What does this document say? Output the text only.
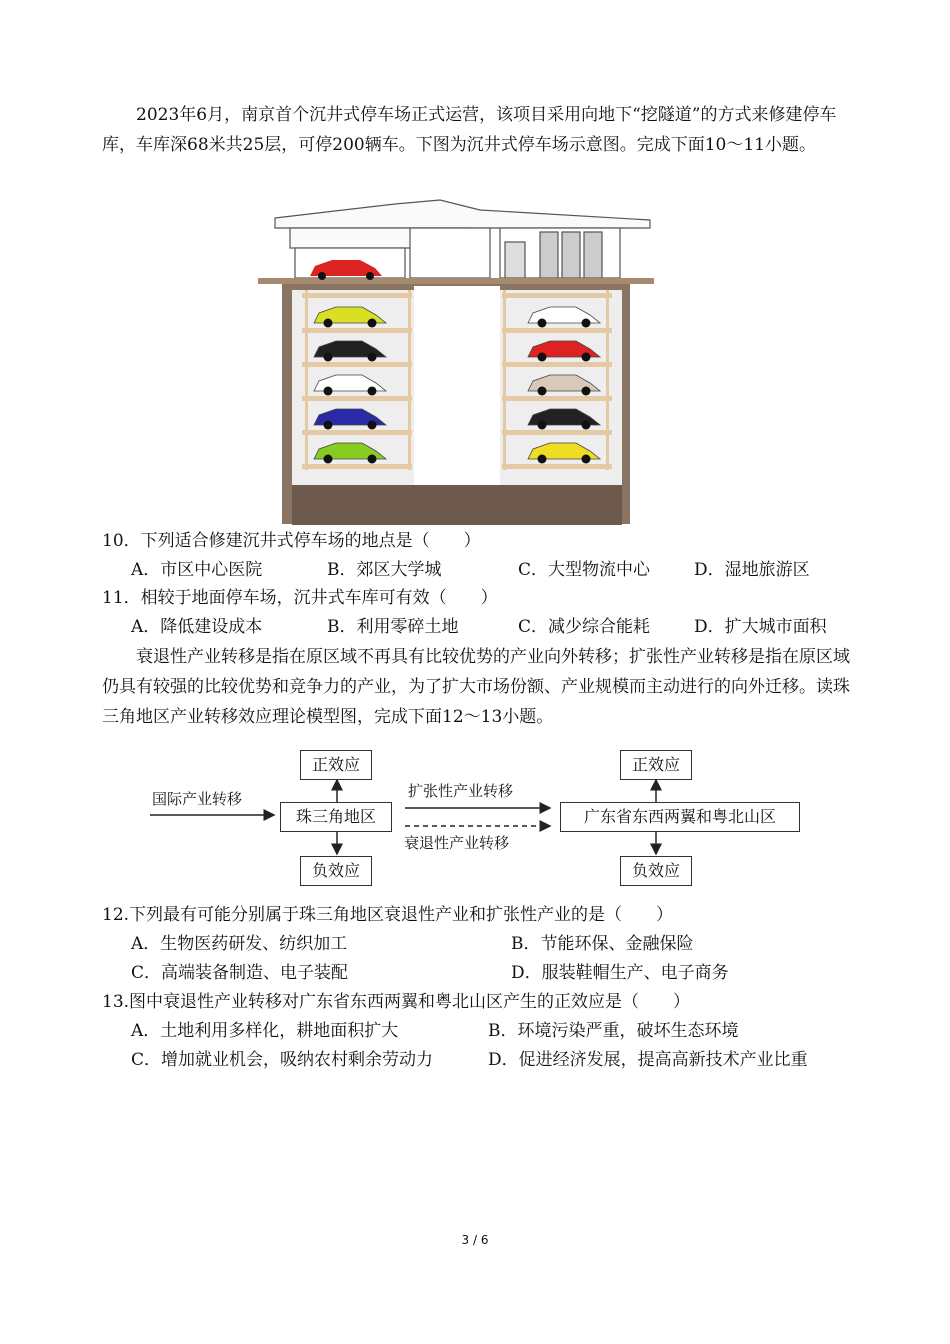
2023年6月，南京首个沉井式停车场正式运营，该项目采用向地下“挖隧道”的方式来修建停车库，车库深68米共25层，可停200辆车。下图为沉井式停车场示意图。完成下面10～11小题。
10．下列适合修建沉井式停车场的地点是（　　）
A．市区中心医院	B．郊区大学城	C．大型物流中心	D．湿地旅游区
11．相较于地面停车场，沉井式车库可有效（　　）
A．降低建设成本	B．利用零碎土地	C．减少综合能耗	D．扩大城市面积
衰退性产业转移是指在原区域不再具有比较优势的产业向外转移；扩张性产业转移是指在原区域仍具有较强的比较优势和竞争力的产业，为了扩大市场份额、产业规模而主动进行的向外迁移。读珠三角地区产业转移效应理论模型图，完成下面12～13小题。
国际产业转移
珠三角地区
正效应
负效应
扩张性产业转移
衰退性产业转移
广东省东西两翼和粤北山区
正效应
负效应
12.下列最有可能分别属于珠三角地区衰退性产业和扩张性产业的是（　　）
A．生物医药研发、纺织加工	B．节能环保、金融保险
C．高端装备制造、电子装配	D．服装鞋帽生产、电子商务
13.图中衰退性产业转移对广东省东西两翼和粤北山区产生的正效应是（　　）
A．土地利用多样化，耕地面积扩大	B．环境污染严重，破坏生态环境
C．增加就业机会，吸纳农村剩余劳动力	D．促进经济发展，提高高新技术产业比重
3 / 6
